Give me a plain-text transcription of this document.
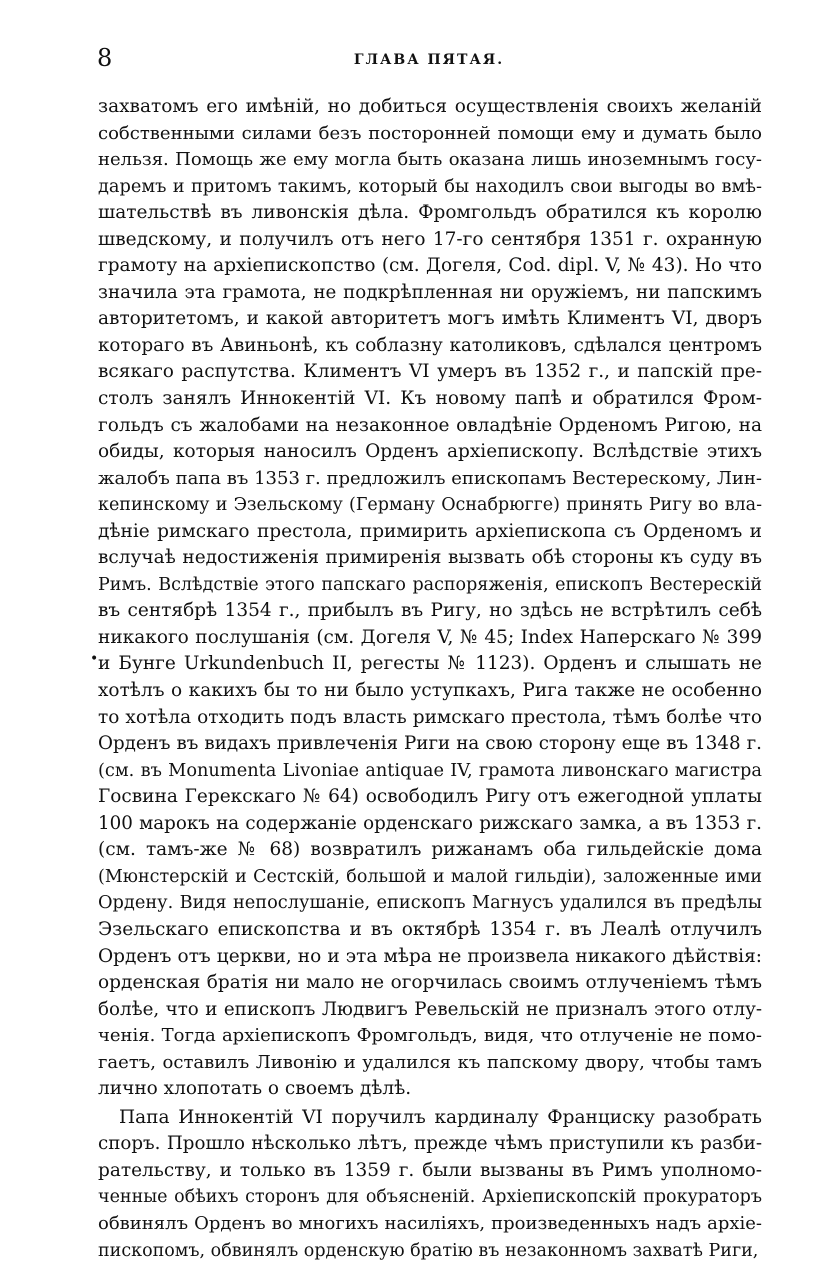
8	ГЛАВА ПЯТАЯ.
•
захватомъ его имѣній, но добиться осуществленія своихъ желаній
собственными силами безъ посторонней помощи ему и думать было
нельзя. Помощь же ему могла быть оказана лишь иноземнымъ госу-
даремъ и притомъ такимъ, который бы находилъ свои выгоды во вмѣ-
шательствѣ въ ливонскія дѣла. Фромгольдъ обратился къ королю
шведскому, и получилъ отъ него 17-го сентября 1351 г. охранную
грамоту на архіепископство (см. Догеля, Cod. dipl. V, № 43). Но что
значила эта грамота, не подкрѣпленная ни оружіемъ, ни папскимъ
авторитетомъ, и какой авторитетъ могъ имѣть Климентъ VI, дворъ
котораго въ Авиньонѣ, къ соблазну католиковъ, сдѣлался центромъ
всякаго распутства. Климентъ VI умеръ въ 1352 г., и папскій пре-
столъ занялъ Иннокентій VI. Къ новому папѣ и обратился Фром-
гольдъ съ жалобами на незаконное овладѣніе Орденомъ Ригою, на
обиды, которыя наносилъ Орденъ архіепископу. Вслѣдствіе этихъ
жалобъ папа въ 1353 г. предложилъ епископамъ Вестерескому, Лин-
кепинскому и Эзельскому (Герману Оснабрюгге) принять Ригу во вла-
дѣніе римскаго престола, примирить архіепископа съ Орденомъ и
вслучаѣ недостиженія примиренія вызвать обѣ стороны къ суду въ
Римъ. Вслѣдствіе этого папскаго распоряженія, епископъ Вестерескій
въ сентябрѣ 1354 г., прибылъ въ Ригу, но здѣсь не встрѣтилъ себѣ
никакого послушанія (см. Догеля V, № 45; Index Наперскаго № 399
и Бунге Urkundenbuch II, регесты № 1123). Орденъ и слышать не
хотѣлъ о какихъ бы то ни было уступкахъ, Рига также не особенно
то хотѣла отходить подъ власть римскаго престола, тѣмъ болѣе что
Орденъ въ видахъ привлеченія Риги на свою сторону еще въ 1348 г.
(см. въ Monumenta Livoniae antiquae IV, грамота ливонскаго магистра
Госвина Герекскаго № 64) освободилъ Ригу отъ ежегодной уплаты
100 марокъ на содержаніе орденскаго рижскаго замка, а въ 1353 г.
(см. тамъ-же № 68) возвратилъ рижанамъ оба гильдейскіе дома
(Мюнстерскій и Сестскій, большой и малой гильдіи), заложенные ими
Ордену. Видя непослушаніе, епископъ Магнусъ удалился въ предѣлы
Эзельскаго епископства и въ октябрѣ 1354 г. въ Леалѣ отлучилъ
Орденъ отъ церкви, но и эта мѣра не произвела никакого дѣйствія:
орденская братія ни мало не огорчилась своимъ отлученіемъ тѣмъ
болѣе, что и епископъ Людвигъ Ревельскій не призналъ этого отлу-
ченія. Тогда архіепископъ Фромгольдъ, видя, что отлученіе не помо-
гаетъ, оставилъ Ливонію и удалился къ папскому двору, чтобы тамъ
лично хлопотать о своемъ дѣлѣ.
Папа Иннокентій VI поручилъ кардиналу Франциску разобрать
споръ. Прошло нѣсколько лѣтъ, прежде чѣмъ приступили къ разби-
рательству, и только въ 1359 г. были вызваны въ Римъ уполномо-
ченные обѣихъ сторонъ для объясненій. Архіепископскій прокураторъ
обвинялъ Орденъ во многихъ насиліяхъ, произведенныхъ надъ архіе-
пископомъ, обвинялъ орденскую братію въ незаконномъ захватѣ Риги,
